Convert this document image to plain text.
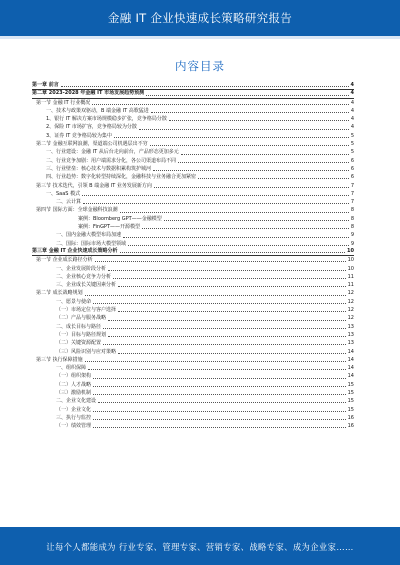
金融 IT 企业快速成长策略研究报告
内容目录
第一章 前言	4
第二章 2023-2028 年金融 IT 市场发展趋势预测	4
第一节 金融 IT 行业概况	4
一、技术与政策双驱动，B 端金融 IT 高歌猛进	4
1、银行 IT 解决方案市场规模稳步扩张，竞争格局分散	4
2、保险 IT 市场扩容，竞争格局较为分散	4
3、证券 IT 竞争格局较为集中	5
第二节 金融互联网浪潮，渠道端公司机遇层出不穷	5
一、行业建设：金融 IT 从后台走向前台，产品形态更加多元	5
二、行业竞争加剧：用户端需求分化，各公司渠道布局不同	6
三、行业壁垒：核心技术与数据积累构筑护城河	6
四、行业趋势：数字化转型持续深化，金融科技与业务融合更加紧密	6
第三节 技术迭代，引领 B 端金融 IT 业务发展新方向	7
一、SaaS 模式	7
二、云计算	7
第四节 国际方面：全球金融科技浪潮	8
案例：Bloomberg GPT——金融模型	8
案例：FinGPT——开源模型	8
一、国内金融大模型布局加速	9
二、国际：国际市场大模型领域	9
第三章 金融 IT 企业快速成长策略分析	10
第一节 企业成长路径分析	10
一、企业发展阶段分析	10
二、企业核心竞争力分析	11
三、企业成长关键因素分析	11
第二节 成长战略规划	12
一、愿景与使命	12
（一）市场定位与客户选择	12
（二）产品与服务战略	12
二、成长目标与路径	13
（一）目标与路径规划	13
（二）关键资源配置	13
（三）风险识别与应对策略	14
第三节 执行保障措施	14
一、组织保障	14
（一）组织架构	14
（二）人才战略	15
（三）激励机制	15
二、企业文化建设	15
（一）企业文化	15
三、执行与监控	16
（一）绩效管理	16
让每个人都能成为 行业专家、管理专家、营销专家、战略专家、成为企业家……
